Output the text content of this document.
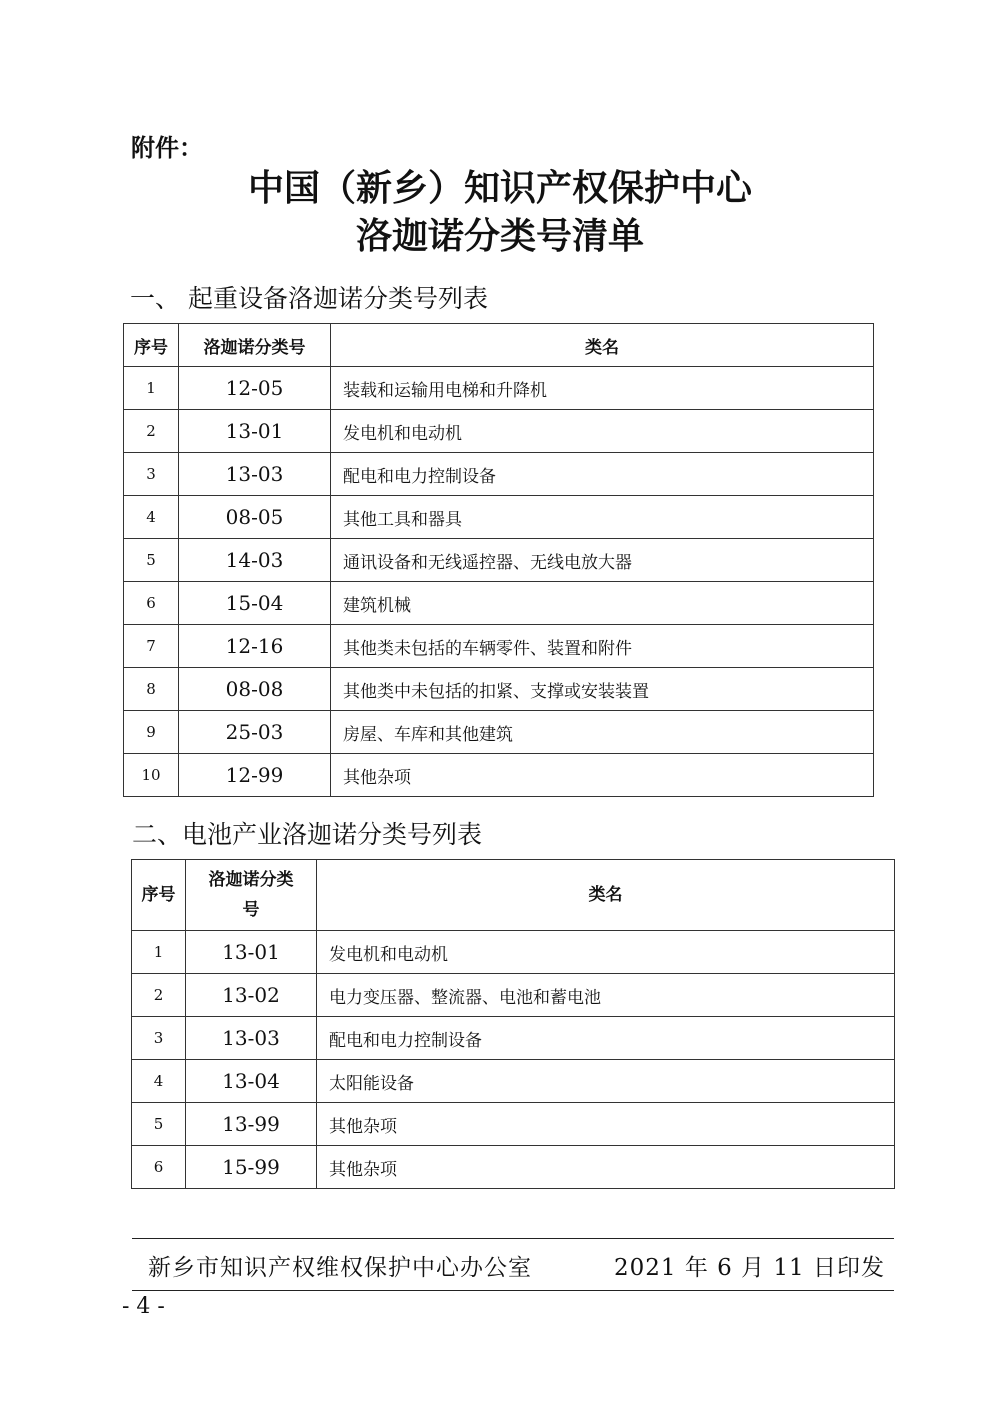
附件：
中国（新乡）知识产权保护中心
洛迦诺分类号清单
一、 起重设备洛迦诺分类号列表
序号	洛迦诺分类号	类名
1	12-05	装载和运输用电梯和升降机
2	13-01	发电机和电动机
3	13-03	配电和电力控制设备
4	08-05	其他工具和器具
5	14-03	通讯设备和无线遥控器、无线电放大器
6	15-04	建筑机械
7	12-16	其他类未包括的车辆零件、装置和附件
8	08-08	其他类中未包括的扣紧、支撑或安装装置
9	25-03	房屋、车库和其他建筑
10	12-99	其他杂项
二、电池产业洛迦诺分类号列表
序号	洛迦诺分类号	类名
1	13-01	发电机和电动机
2	13-02	电力变压器、整流器、电池和蓄电池
3	13-03	配电和电力控制设备
4	13-04	太阳能设备
5	13-99	其他杂项
6	15-99	其他杂项
新乡市知识产权维权保护中心办公室	2021 年 6 月 11 日印发
- 4 -
